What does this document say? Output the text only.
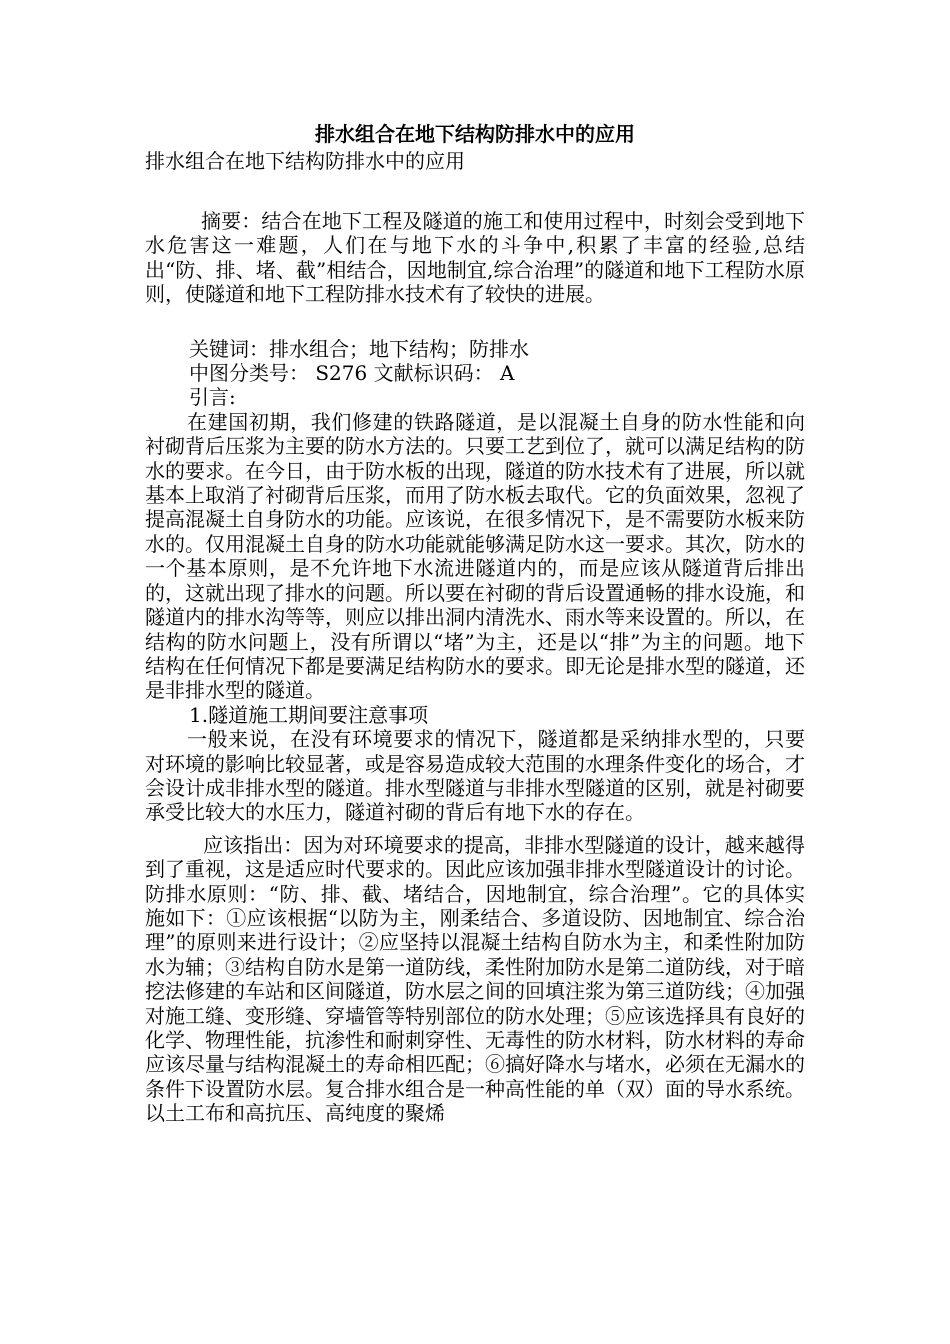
排水组合在地下结构防排水中的应用
排水组合在地下结构防排水中的应用

摘要：结合在地下工程及隧道的施工和使用过程中，时刻会受到地下水危害这一难题，人们在与地下水的斗争中,积累了丰富的经验,总结出“防、排、堵、截”相结合，因地制宜,综合治理”的隧道和地下工程防水原则，使隧道和地下工程防排水技术有了较快的进展。

关键词：排水组合；地下结构；防排水

中图分类号： S276 文献标识码： A

引言:

在建国初期，我们修建的铁路隧道，是以混凝土自身的防水性能和向衬砌背后压浆为主要的防水方法的。只要工艺到位了，就可以满足结构的防水的要求。在今日，由于防水板的出现，隧道的防水技术有了进展，所以就基本上取消了衬砌背后压浆，而用了防水板去取代。它的负面效果，忽视了提高混凝土自身防水的功能。应该说，在很多情况下，是不需要防水板来防水的。仅用混凝土自身的防水功能就能够满足防水这一要求。其次，防水的一个基本原则，是不允许地下水流进隧道内的，而是应该从隧道背后排出的，这就出现了排水的问题。所以要在衬砌的背后设置通畅的排水设施，和隧道内的排水沟等等，则应以排出洞内清洗水、雨水等来设置的。所以，在结构的防水问题上，没有所谓以“堵”为主，还是以“排”为主的问题。地下结构在任何情况下都是要满足结构防水的要求。即无论是排水型的隧道，还是非排水型的隧道。

1.隧道施工期间要注意事项

一般来说，在没有环境要求的情况下，隧道都是采纳排水型的，只要对环境的影响比较显著，或是容易造成较大范围的水理条件变化的场合，才会设计成非排水型的隧道。排水型隧道与非排水型隧道的区别，就是衬砌要承受比较大的水压力，隧道衬砌的背后有地下水的存在。

应该指出：因为对环境要求的提高，非排水型隧道的设计，越来越得到了重视，这是适应时代要求的。因此应该加强非排水型隧道设计的讨论。防排水原则：“防、排、截、堵结合，因地制宜，综合治理”。它的具体实施如下：①应该根据“以防为主，刚柔结合、多道设防、因地制宜、综合治理”的原则来进行设计；②应坚持以混凝土结构自防水为主，和柔性附加防水为辅；③结构自防水是第一道防线，柔性附加防水是第二道防线，对于暗挖法修建的车站和区间隧道，防水层之间的回填注浆为第三道防线；④加强对施工缝、变形缝、穿墙管等特别部位的防水处理；⑤应该选择具有良好的化学、物理性能，抗渗性和耐刺穿性、无毒性的防水材料，防水材料的寿命应该尽量与结构混凝土的寿命相匹配；⑥搞好降水与堵水，必须在无漏水的条件下设置防水层。复合排水组合是一种高性能的单（双）面的导水系统。以土工布和高抗压、高纯度的聚烯
